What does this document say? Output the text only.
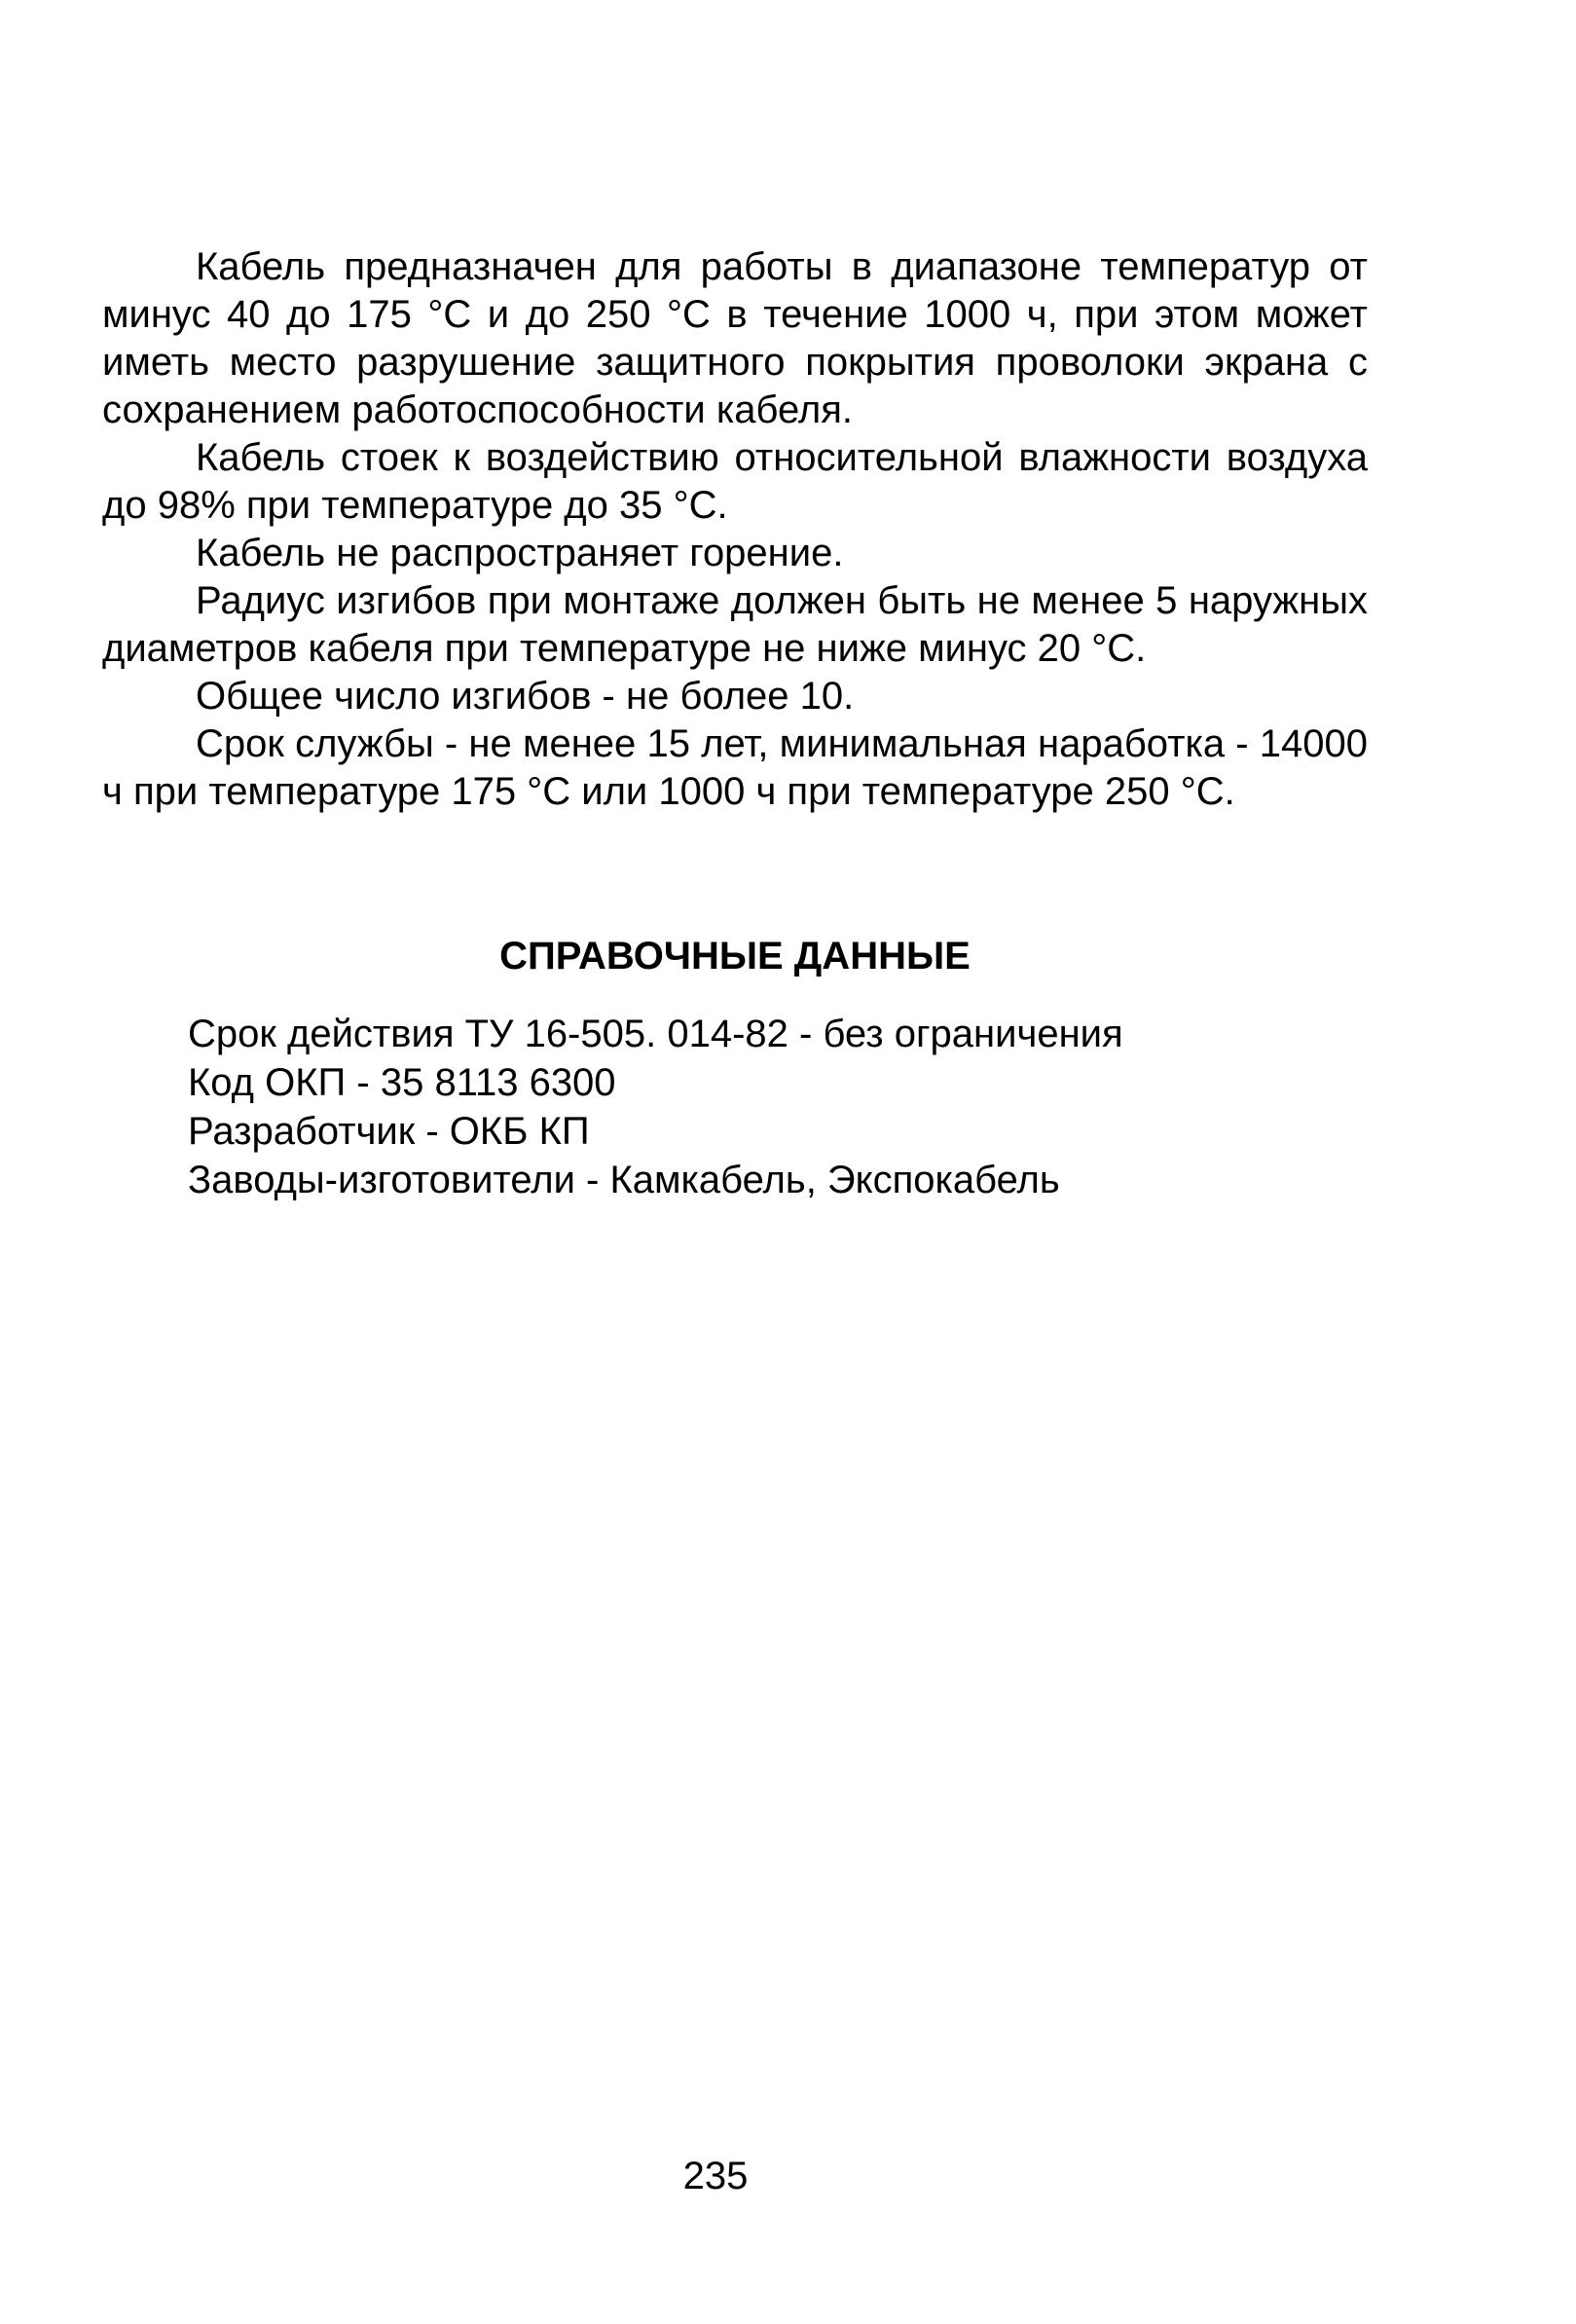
Кабель предназначен для работы в диапазоне температур от минус 40 до 175 °С и до 250 °С в течение 1000 ч, при этом может иметь место разрушение защитного покрытия проволоки экрана с сохранением работоспособности кабеля.

Кабель стоек к воздействию относительной влажности воздуха до 98% при температуре до 35 °С.

Кабель не распространяет горение.

Радиус изгибов при монтаже должен быть не менее 5 наружных диаметров кабеля при температуре не ниже минус 20 °С.

Общее число изгибов - не более 10.

Срок службы - не менее 15 лет, минимальная наработка - 14000 ч при температуре 175 °С или 1000 ч при температуре 250 °С.

СПРАВОЧНЫЕ ДАННЫЕ
Срок действия ТУ 16-505. 014-82 - без ограничения
Код ОКП - 35 8113 6300
Разработчик - ОКБ КП
Заводы-изготовители - Камкабель, Экспокабель
235
